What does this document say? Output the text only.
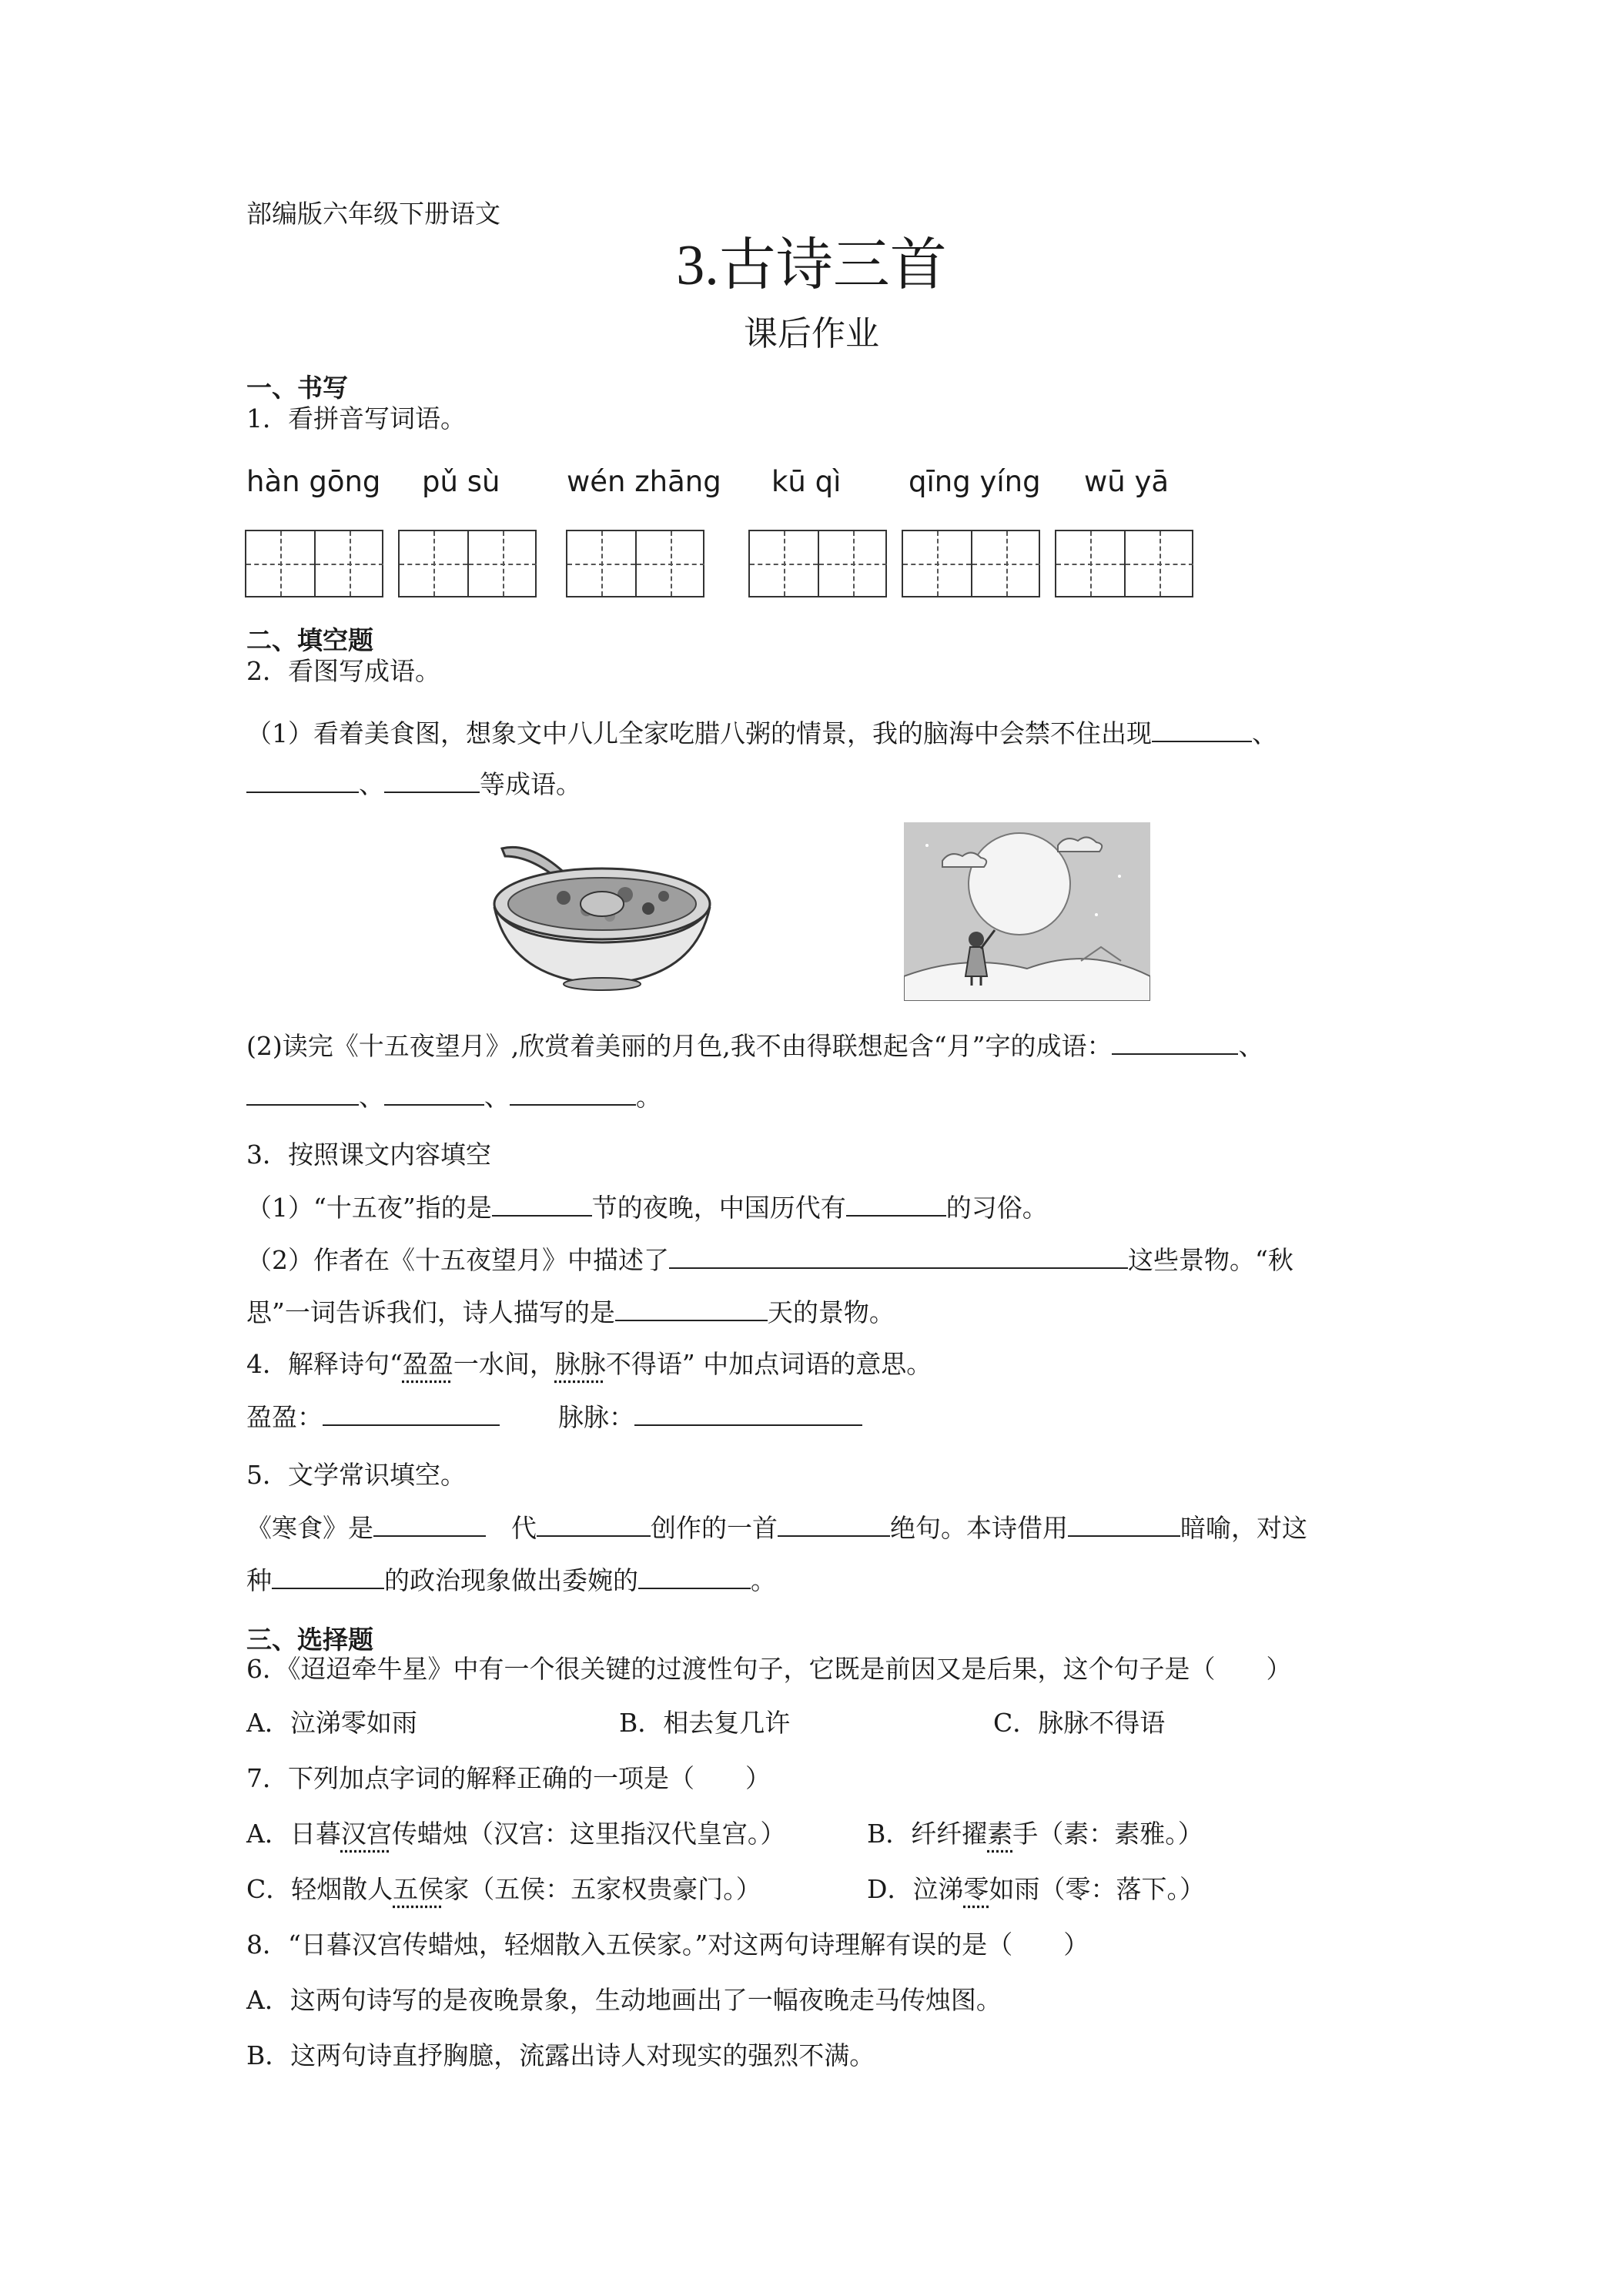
部编版六年级下册语文
3.古诗三首
课后作业
一、书写
1．看拼音写词语。
hàn gōng pǔ sù wén zhāng kū qì qīng yíng wū yā
二、填空题
2．看图写成语。
（1）看着美食图，想象文中八儿全家吃腊八粥的情景，我的脑海中会禁不住出现	、
、	等成语。
(2)读完《十五夜望月》,欣赏着美丽的月色,我不由得联想起含“月”字的成语：	、
、	、	。
3．按照课文内容填空
（1）“十五夜”指的是	节的夜晚，中国历代有	的习俗。
（2）作者在《十五夜望月》中描述了	这些景物。“秋
思”一词告诉我们，诗人描写的是	天的景物。
4．解释诗句“盈盈一水间，脉脉不得语” 中加点词语的意思。
盈盈：	脉脉：
5．文学常识填空。
《寒食》是　	代	创作的一首	绝句。本诗借用	暗喻，对这
种	的政治现象做出委婉的	。
三、选择题
6．《迢迢牵牛星》中有一个很关键的过渡性句子，它既是前因又是后果，这个句子是（　　）
A．泣涕零如雨	B．相去复几许	C．脉脉不得语
7．下列加点字词的解释正确的一项是（　　）
A．日暮汉宫传蜡烛（汉宫：这里指汉代皇宫。）	B．纤纤擢素手（素：素雅。）
C．轻烟散人五侯家（五侯：五家权贵豪门。）	D．泣涕零如雨（零：落下。）
8．“日暮汉宫传蜡烛，轻烟散入五侯家。”对这两句诗理解有误的是（　　）
A．这两句诗写的是夜晚景象，生动地画出了一幅夜晚走马传烛图。
B．这两句诗直抒胸臆，流露出诗人对现实的强烈不满。
